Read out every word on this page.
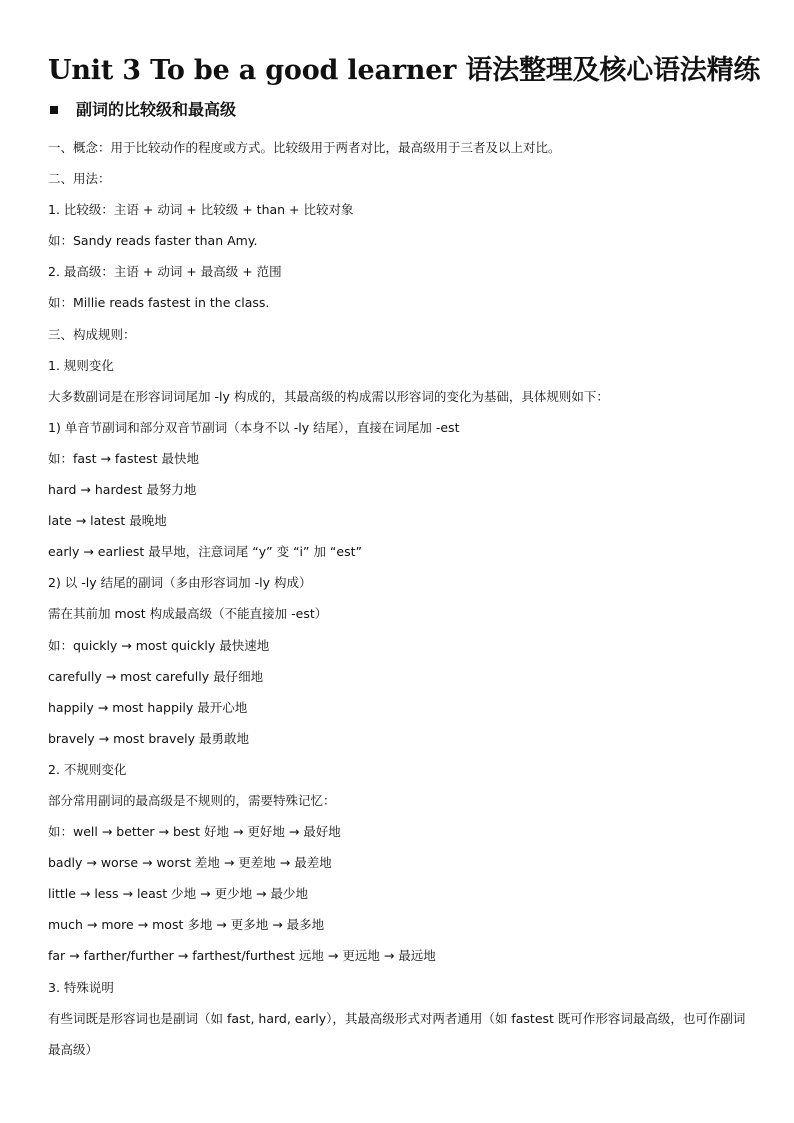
Unit 3 To be a good learner 语法整理及核心语法精练
副词的比较级和最高级
一、概念：用于比较动作的程度或方式。比较级用于两者对比，最高级用于三者及以上对比。
二、用法：
1. 比较级：主语 + 动词 + 比较级 + than + 比较对象
如：Sandy reads faster than Amy.
2. 最高级：主语 + 动词 + 最高级 + 范围
如：Millie reads fastest in the class.
三、构成规则：
1. 规则变化
大多数副词是在形容词词尾加 -ly 构成的，其最高级的构成需以形容词的变化为基础，具体规则如下：
1) 单音节副词和部分双音节副词（本身不以 -ly 结尾），直接在词尾加 -est
如：fast → fastest 最快地
hard → hardest 最努力地
late → latest 最晚地
early → earliest 最早地，注意词尾 “y” 变 “i” 加 “est”
2) 以 -ly 结尾的副词（多由形容词加 -ly 构成）
需在其前加 most 构成最高级（不能直接加 -est）
如：quickly → most quickly 最快速地
carefully → most carefully 最仔细地
happily → most happily 最开心地
bravely → most bravely 最勇敢地
2. 不规则变化
部分常用副词的最高级是不规则的，需要特殊记忆：
如：well → better → best 好地 → 更好地 → 最好地
badly → worse → worst 差地 → 更差地 → 最差地
little → less → least 少地 → 更少地 → 最少地
much → more → most 多地 → 更多地 → 最多地
far → farther/further → farthest/furthest 远地 → 更远地 → 最远地
3. 特殊说明
有些词既是形容词也是副词（如 fast, hard, early），其最高级形式对两者通用（如 fastest 既可作形容词最高级，也可作副词最高级）
